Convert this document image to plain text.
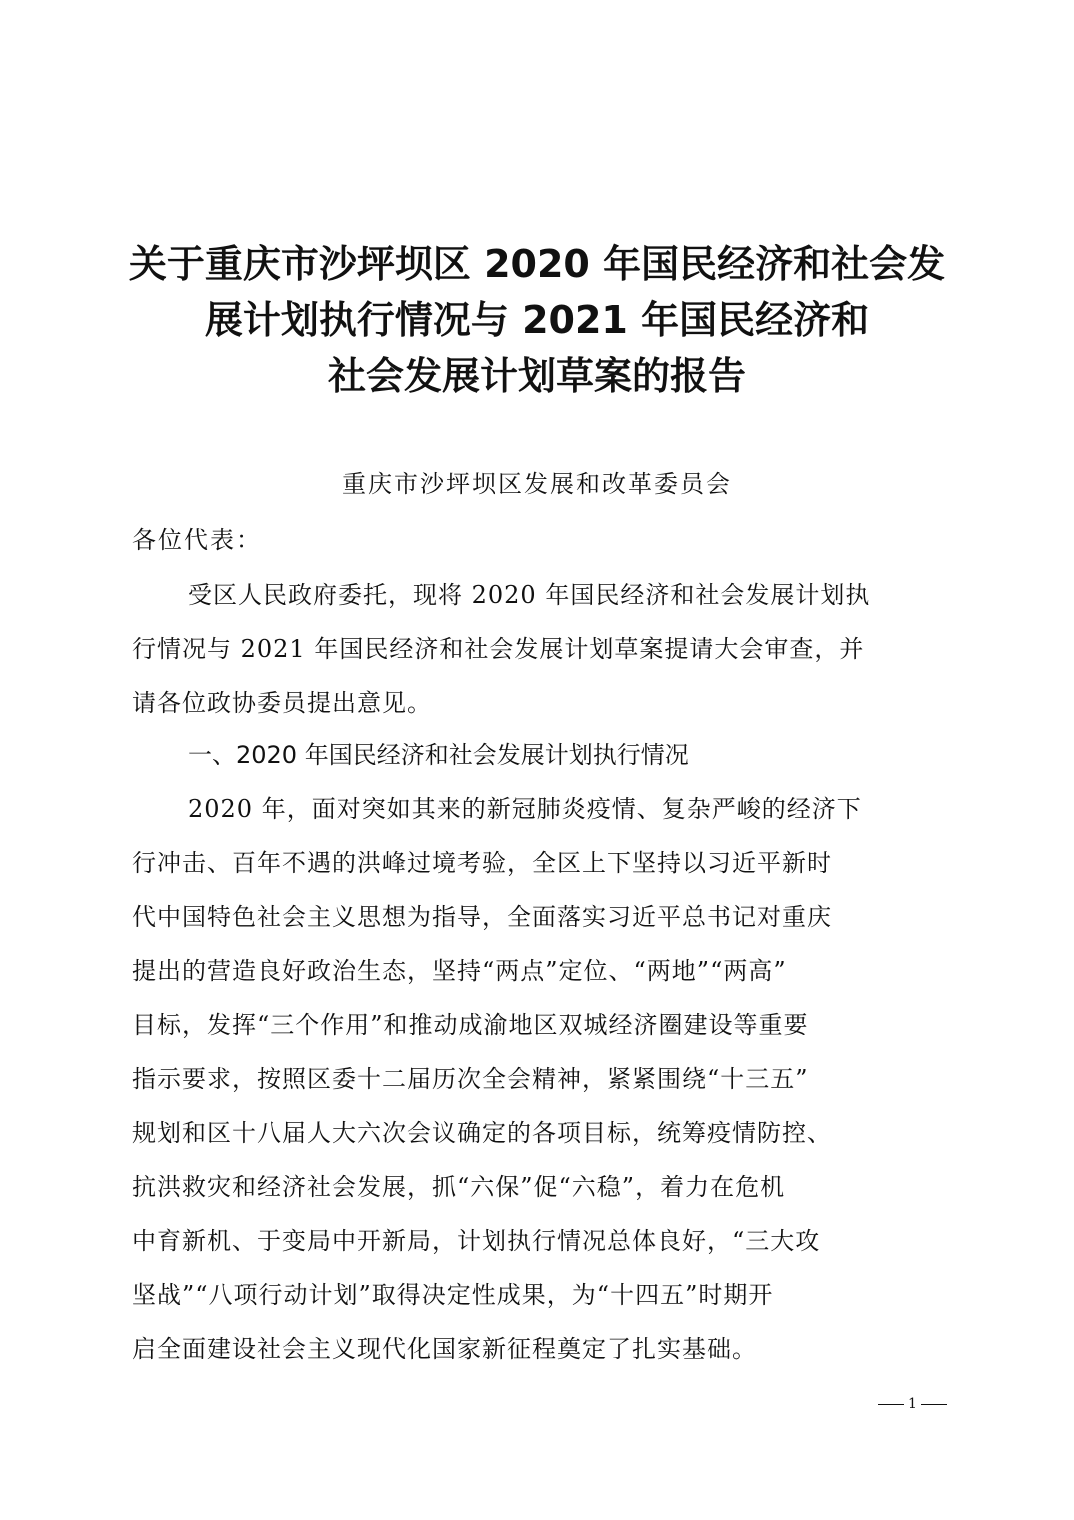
关于重庆市沙坪坝区 2020 年国民经济和社会发
展计划执行情况与 2021 年国民经济和
社会发展计划草案的报告
重庆市沙坪坝区发展和改革委员会
各位代表：
受区人民政府委托，现将 2020 年国民经济和社会发展计划执
行情况与 2021 年国民经济和社会发展计划草案提请大会审查，并
请各位政协委员提出意见。
一、2020 年国民经济和社会发展计划执行情况
2020 年，面对突如其来的新冠肺炎疫情、复杂严峻的经济下
行冲击、百年不遇的洪峰过境考验，全区上下坚持以习近平新时
代中国特色社会主义思想为指导，全面落实习近平总书记对重庆
提出的营造良好政治生态，坚持“两点”定位、“两地”“两高”
目标，发挥“三个作用”和推动成渝地区双城经济圈建设等重要
指示要求，按照区委十二届历次全会精神，紧紧围绕“十三五”
规划和区十八届人大六次会议确定的各项目标，统筹疫情防控、
抗洪救灾和经济社会发展，抓“六保”促“六稳”，着力在危机
中育新机、于变局中开新局，计划执行情况总体良好，“三大攻
坚战”“八项行动计划”取得决定性成果，为“十四五”时期开
启全面建设社会主义现代化国家新征程奠定了扎实基础。
1
